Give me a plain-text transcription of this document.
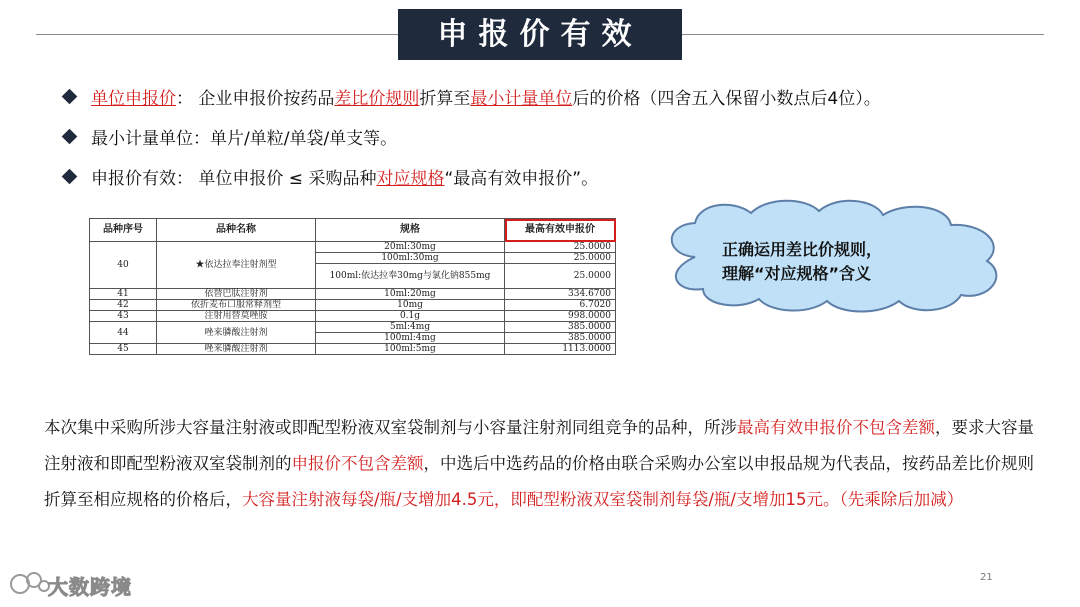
申报价有效
单位申报价： 企业申报价按药品差比价规则折算至最小计量单位后的价格（四舍五入保留小数点后4位）。
最小计量单位：单片/单粒/单袋/单支等。
申报价有效： 单位申报价 ≤ 采购品种对应规格“最高有效申报价”。
品种序号	品种名称	规格	最高有效申报价
40	★依达拉奉注射剂型	20ml:30mg	25.0000
		100ml:30mg	25.0000
		100ml:依达拉奉30mg与氯化钠855mg	25.0000
41	依替巴肽注射剂	10ml:20mg	334.6700
42	依折麦布口服常释剂型	10mg	6.7020
43	注射用替莫唑胺	0.1g	998.0000
44	唑来膦酸注射剂	5ml:4mg	385.0000
		100ml:4mg	385.0000
45	唑来膦酸注射剂	100ml:5mg	1113.0000
正确运用差比价规则，
理解“对应规格”含义
本次集中采购所涉大容量注射液或即配型粉液双室袋制剂与小容量注射剂同组竞争的品种，所涉最高有效申报价不包含差额，要求大容量注射液和即配型粉液双室袋制剂的申报价不包含差额，中选后中选药品的价格由联合采购办公室以申报品规为代表品，按药品差比价规则折算至相应规格的价格后，大容量注射液每袋/瓶/支增加4.5元，即配型粉液双室袋制剂每袋/瓶/支增加15元。（先乘除后加减）
大数跨境	21
